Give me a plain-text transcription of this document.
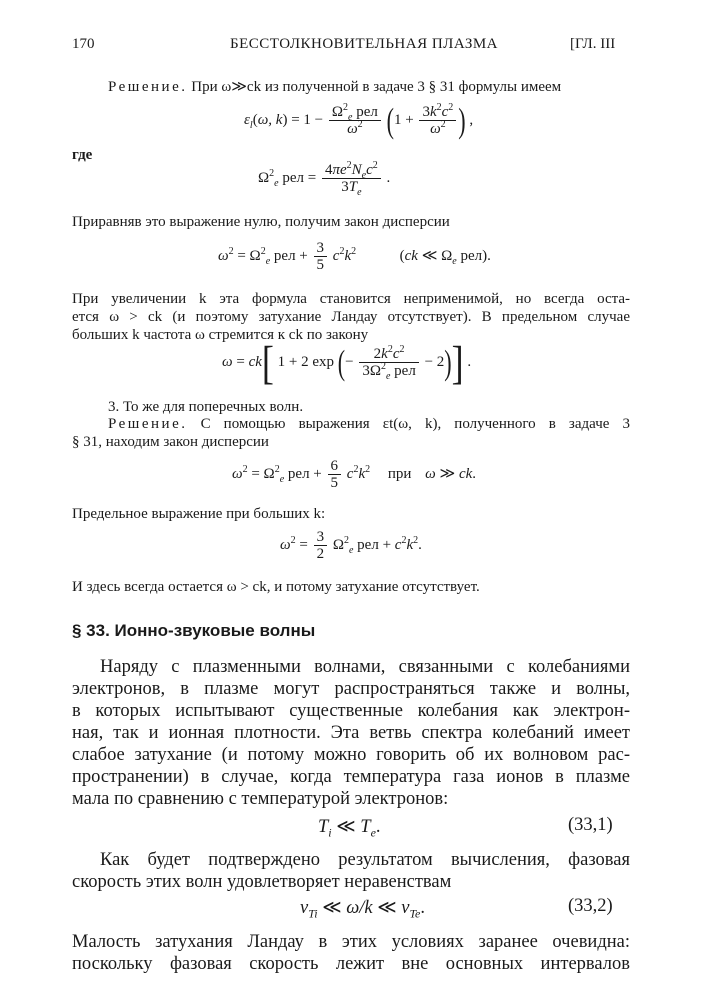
170	БЕССТОЛКНОВИТЕЛЬНАЯ ПЛАЗМА	[ГЛ. III
Решение. При ω≫ck из полученной в задаче 3 § 31 формулы имеем
$\varepsilon_l(\omega$, $k) = 1 - \frac{\Omega^2_e рел}{\omega^2} (1 + \frac{3k^2c^2}{\omega^2}$ ) ,
где
$\Omega^2_e$ рел = $\frac{4\pi e^2N_ec^2}{3T_e}$ .
Приравняв это выражение нулю, получим закон дисперсии
$\omega^2 = \Omega^2_e$ рел + $\frac{3}{5} c^2k^2$	(ck ≪ $\Omega_e$ рел).
При увеличении k эта формула становится неприменимой, но всегда оста-
ется ω > ck (и поэтому затухание Ландау отсутствует). В предельном случае
больших k частота ω стремится к ck по закону
ω = ck[ 1 + 2 exp (− $\frac{2k^2c^2}{3\Omega^2_e рел} - 2$)] .
3. То же для поперечных волн.
Решение. С помощью выражения εt(ω, k), полученного в задаче 3
§ 31, находим закон дисперсии
$\omega^2 = \Omega^2_e$ рел + $\frac{6}{5} c^2k^2$ при ω ≫ ck.
Предельное выражение при больших k:
$\omega^2 = \frac{3}{2} \Omega^2_e$ рел + $c^2k^2$.
И здесь всегда остается ω > ck, и потому затухание отсутствует.
§ 33. Ионно-звуковые волны
Наряду с плазменными волнами, связанными с колебаниями
электронов, в плазме могут распространяться также и волны,
в которых испытывают существенные колебания как электрон-
ная, так и ионная плотности. Эта ветвь спектра колебаний имеет
слабое затухание (и потому можно говорить об их волновом рас-
пространении) в случае, когда температура газа ионов в плазме
мала по сравнению с температурой электронов:
$T_i$ ≪ $T_e$.	(33,1)
Как будет подтверждено результатом вычисления, фазовая
скорость этих волн удовлетворяет неравенствам
$v_{Ti}$ ≪ ω/k ≪ $v_{Te}$.	(33,2)
Малость затухания Ландау в этих условиях заранее очевидна:
поскольку фазовая скорость лежит вне основных интервалов
